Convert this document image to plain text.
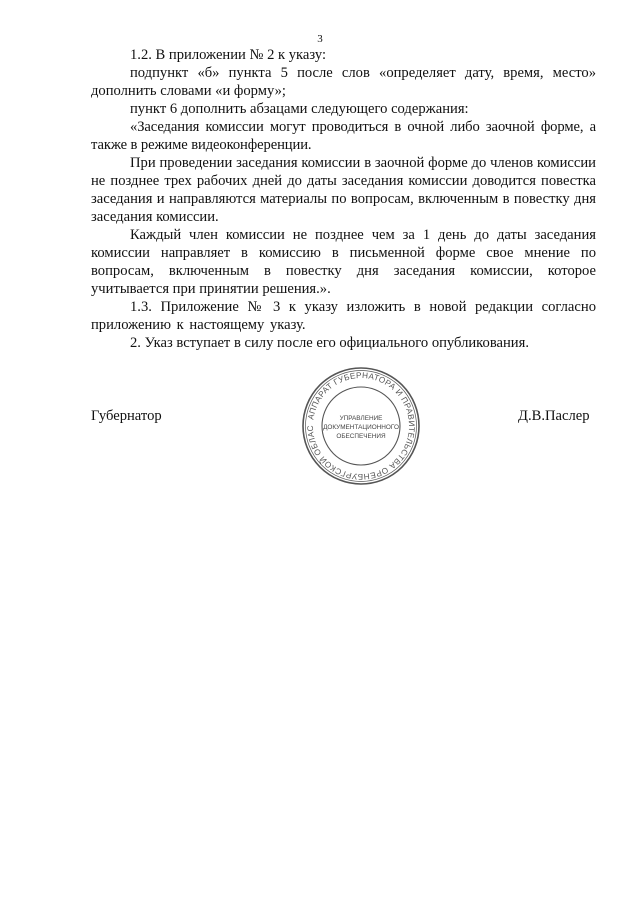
3

1.2. В приложении № 2 к указу:

подпункт «б» пункта 5 после слов «определяет дату, время, место» дополнить словами «и форму»;

пункт 6 дополнить абзацами следующего содержания:

«Заседания комиссии могут проводиться в очной либо заочной форме, а также в режиме видеоконференции.

При проведении заседания комиссии в заочной форме до членов комиссии не позднее трех рабочих дней до даты заседания комиссии доводится повестка заседания и направляются материалы по вопросам, включенным в повестку дня заседания комиссии.

Каждый член комиссии не позднее чем за 1 день до даты заседания комиссии направляет в комиссию в письменной форме свое мнение по вопросам, включенным в повестку дня заседания комиссии, которое учитывается при принятии решения.».

1.3. Приложение № 3 к указу изложить в новой редакции согласно приложению к настоящему указу.

2. Указ вступает в силу после его официального опубликования.

Губернатор	Д.В.Паслер
АППАРАТ ГУБЕРНАТОРА И ПРАВИТЕЛЬСТВА ОРЕНБУРГСКОЙ ОБЛАС
УПРАВЛЕНИЕ
ДОКУМЕНТАЦИОННОГО
ОБЕСПЕЧЕНИЯ
